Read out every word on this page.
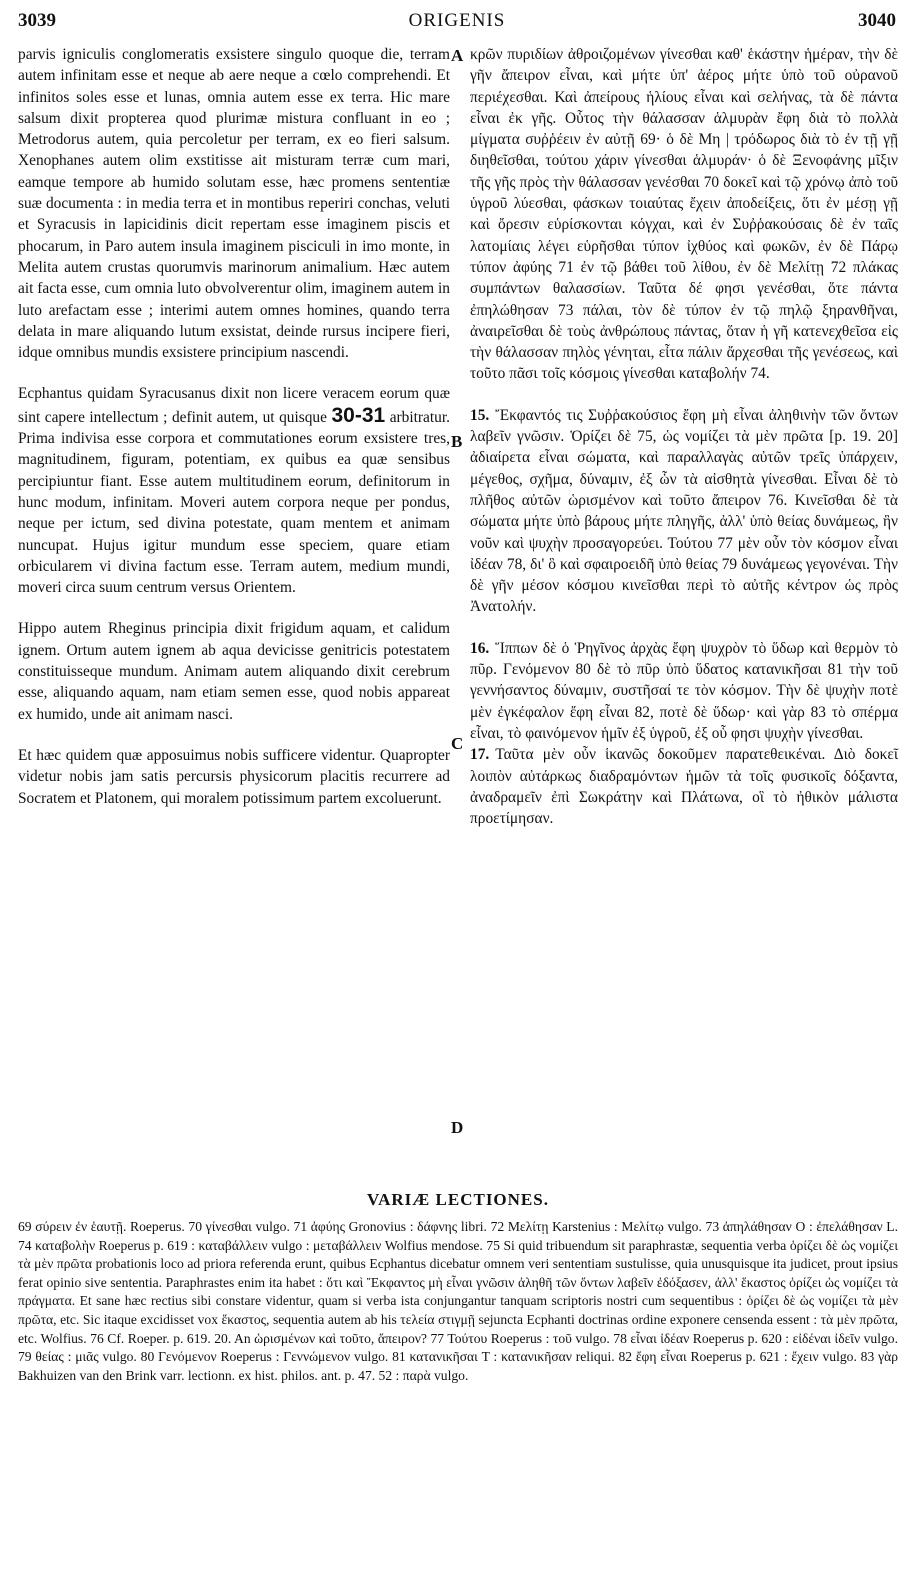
3039	ORIGENIS	3040
A
B
C
D

parvis igniculis conglomeratis exsistere singulo quoque die, terram autem infinitam esse et neque ab aere neque a cœlo comprehendi. Et infinitos soles esse et lunas, omnia autem esse ex terra. Hic mare salsum dixit propterea quod plurimæ mistura confluant in eo ; Metrodorus autem, quia percoletur per terram, ex eo fieri salsum. Xenophanes autem olim exstitisse ait misturam terræ cum mari, eamque tempore ab humido solutam esse, hæc promens sententiæ suæ documenta : in media terra et in montibus reperiri conchas, veluti et Syracusis in lapicidinis dicit repertam esse imaginem piscis et phocarum, in Paro autem insula imaginem pisciculi in imo monte, in Melita autem crustas quorumvis marinorum animalium. Hæc autem ait facta esse, cum omnia luto obvolverentur olim, imaginem autem in luto arefactam esse ; interimi autem omnes homines, quando terra delata in mare aliquando lutum exsistat, deinde rursus incipere fieri, idque omnibus mundis exsistere principium nascendi.

Ecphantus quidam Syracusanus dixit non licere veracem eorum quæ sint capere intellectum ; definit autem, ut quisque 30-31 arbitratur. Prima indivisa esse corpora et commutationes eorum exsistere tres, magnitudinem, figuram, potentiam, ex quibus ea quæ sensibus percipiuntur fiant. Esse autem multitudinem eorum, definitorum in hunc modum, infinitam. Moveri autem corpora neque per pondus, neque per ictum, sed divina potestate, quam mentem et animam nuncupat. Hujus igitur mundum esse speciem, quare etiam orbicularem vi divina factum esse. Terram autem, medium mundi, moveri circa suum centrum versus Orientem.

Hippo autem Rheginus principia dixit frigidum aquam, et calidum ignem. Ortum autem ignem ab aqua devicisse genitricis potestatem constituisseque mundum. Animam autem aliquando dixit cerebrum esse, aliquando aquam, nam etiam semen esse, quod nobis appareat ex humido, unde ait animam nasci.

Et hæc quidem quæ apposuimus nobis sufficere videntur. Quapropter videtur nobis jam satis percursis physicorum placitis recurrere ad Socratem et Platonem, qui moralem potissimum partem excoluerunt.

κρῶν πυριδίων ἀθροιζομένων γίνεσθαι καθ' ἑκάστην ἡμέραν, τὴν δὲ γῆν ἄπειρον εἶναι, καὶ μήτε ὑπ' ἀέρος μήτε ὑπὸ τοῦ οὐρανοῦ περιέχεσθαι. Καὶ ἀπείρους ἡλίους εἶναι καὶ σελήνας, τὰ δὲ πάντα εἶναι ἐκ γῆς. Οὗτος τὴν θάλασσαν ἁλμυρὰν ἔφη διὰ τὸ πολλὰ μίγματα συῤῥέειν ἐν αὐτῇ 69· ὁ δὲ Μη | τρόδωρος διὰ τὸ ἐν τῇ γῇ διηθεῖσθαι, τούτου χάριν γίνεσθαι ἁλμυράν· ὁ δὲ Ξενοφάνης μῖξιν τῆς γῆς πρὸς τὴν θάλασσαν γενέσθαι 70 δοκεῖ καὶ τῷ χρόνῳ ἀπὸ τοῦ ὑγροῦ λύεσθαι, φάσκων τοιαύτας ἔχειν ἀποδείξεις, ὅτι ἐν μέσῃ γῇ καὶ ὄρεσιν εὑρίσκονται κόγχαι, καὶ ἐν Συῤῥακούσαις δὲ ἐν ταῖς λατομίαις λέγει εὑρῆσθαι τύπον ἰχθύος καὶ φωκῶν, ἐν δὲ Πάρῳ τύπον ἀφύης 71 ἐν τῷ βάθει τοῦ λίθου, ἐν δὲ Μελίτῃ 72 πλάκας συμπάντων θαλασσίων. Ταῦτα δέ φησι γενέσθαι, ὅτε πάντα ἐπηλώθησαν 73 πάλαι, τὸν δὲ τύπον ἐν τῷ πηλῷ ξηρανθῆναι, ἀναιρεῖσθαι δὲ τοὺς ἀνθρώπους πάντας, ὅταν ἡ γῆ κατενεχθεῖσα εἰς τὴν θάλασσαν πηλὸς γένηται, εἶτα πάλιν ἄρχεσθαι τῆς γενέσεως, καὶ τοῦτο πᾶσι τοῖς κόσμοις γίνεσθαι καταβολήν 74.

15. Ἔκφαντός τις Συῤῥακούσιος ἔφη μὴ εἶναι ἀληθινὴν τῶν ὄντων λαβεῖν γνῶσιν. Ὁρίζει δὲ 75, ὡς νομίζει τὰ μὲν πρῶτα [p. 19. 20] ἀδιαίρετα εἶναι σώματα, καὶ παραλλαγὰς αὐτῶν τρεῖς ὑπάρχειν, μέγεθος, σχῆμα, δύναμιν, ἐξ ὧν τὰ αἰσθητὰ γίνεσθαι. Εἶναι δὲ τὸ πλῆθος αὐτῶν ὡρισμένον καὶ τοῦτο ἄπειρον 76. Κινεῖσθαι δὲ τὰ σώματα μήτε ὑπὸ βάρους μήτε πληγῆς, ἀλλ' ὑπὸ θείας δυνάμεως, ἣν νοῦν καὶ ψυχὴν προσαγορεύει. Τούτου 77 μὲν οὖν τὸν κόσμον εἶναι ἰδέαν 78, δι' ὃ καὶ σφαιροειδῆ ὑπὸ θείας 79 δυνάμεως γεγονέναι. Τὴν δὲ γῆν μέσον κόσμου κινεῖσθαι περὶ τὸ αὐτῆς κέντρον ὡς πρὸς Ἀνατολήν.

16. Ἵππων δὲ ὁ Ῥηγῖνος ἀρχὰς ἔφη ψυχρὸν τὸ ὕδωρ καὶ θερμὸν τὸ πῦρ. Γενόμενον 80 δὲ τὸ πῦρ ὑπὸ ὕδατος κατανικῆσαι 81 τὴν τοῦ γεννήσαντος δύναμιν, συστῆσαί τε τὸν κόσμον. Τὴν δὲ ψυχὴν ποτὲ μὲν ἐγκέφαλον ἔφη εἶναι 82, ποτὲ δὲ ὕδωρ· καὶ γὰρ 83 τὸ σπέρμα εἶναι, τὸ φαινόμενον ἡμῖν ἐξ ὑγροῦ, ἐξ οὗ φησι ψυχὴν γίνεσθαι.

17. Ταῦτα μὲν οὖν ἱκανῶς δοκοῦμεν παρατεθεικέναι. Διὸ δοκεῖ λοιπὸν αὐτάρκως διαδραμόντων ἡμῶν τὰ τοῖς φυσικοῖς δόξαντα, ἀναδραμεῖν ἐπὶ Σωκράτην καὶ Πλάτωνα, οἳ τὸ ἠθικὸν μάλιστα προετίμησαν.

VARIÆ LECTIONES.

69 σύρειν ἐν ἑαυτῇ. Roeperus. 70 γίνεσθαι vulgo. 71 ἀφύης Gronovius : δάφνης libri. 72 Μελίτῃ Karstenius : Μελίτῳ vulgo. 73 ἀπηλάθησαν O : ἐπελάθησαν L. 74 καταβολὴν Roeperus p. 619 : καταβάλλειν vulgo : μεταβάλλειν Wolfius mendose. 75 Si quid tribuendum sit paraphrastæ, sequentia verba ὁρίζει δὲ ὡς νομίζει τὰ μὲν πρῶτα probationis loco ad priora referenda erunt, quibus Ecphantus dicebatur omnem veri sententiam sustulisse, quia unusquisque ita judicet, prout ipsius ferat opinio sive sententia. Paraphrastes enim ita habet : ὅτι καὶ Ἔκφαντος μὴ εἶναι γνῶσιν ἀληθῆ τῶν ὄντων λαβεῖν ἐδόξασεν, ἀλλ' ἕκαστος ὁρίζει ὡς νομίζει τὰ πράγματα. Et sane hæc rectius sibi constare videntur, quam si verba ista conjungantur tanquam scriptoris nostri cum sequentibus : ὁρίζει δὲ ὡς νομίζει τὰ μὲν πρῶτα, etc. Sic itaque excidisset vox ἕκαστος, sequentia autem ab his τελεία στιγμῇ sejuncta Ecphanti doctrinas ordine exponere censenda essent : τὰ μὲν πρῶτα, etc. Wolfius. 76 Cf. Roeper. p. 619. 20. An ὡρισμένων καὶ τοῦτο, ἄπειρον? 77 Τούτου Roeperus : τοῦ vulgo. 78 εἶναι ἰδέαν Roeperus p. 620 : εἰδέναι ἰδεῖν vulgo. 79 θείας : μιᾶς vulgo. 80 Γενόμενον Roeperus : Γεννώμενον vulgo. 81 κατανικῆσαι T : κατανικῆσαν reliqui. 82 ἔφη εἶναι Roeperus p. 621 : ἔχειν vulgo. 83 γὰρ Bakhuizen van den Brink varr. lectionn. ex hist. philos. ant. p. 47. 52 : παρὰ vulgo.
